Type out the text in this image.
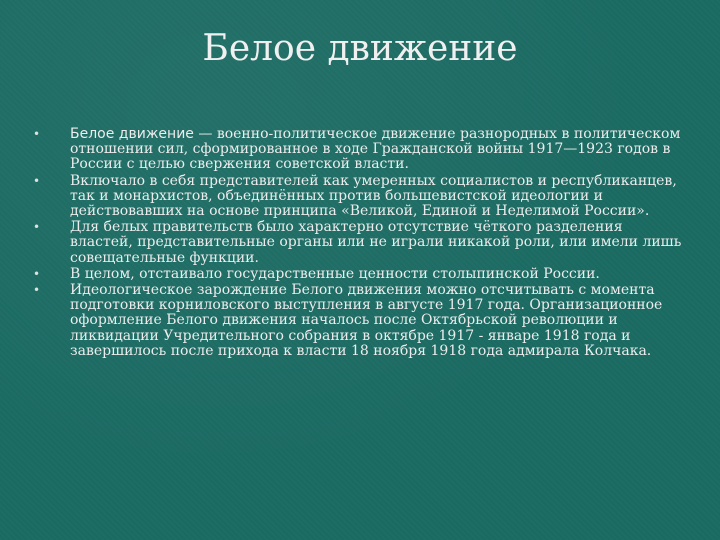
Белое движение
• Белое движение — военно-политическое движение разнородных в политическом отношении сил, сформированное в ходе Гражданской войны 1917—1923 годов в России с целью свержения советской власти.
• Включало в себя представителей как умеренных социалистов и республиканцев, так и монархистов, объединённых против большевистской идеологии и действовавших на основе принципа «Великой, Единой и Неделимой России».
• Для белых правительств было характерно отсутствие чёткого разделения властей, представительные органы или не играли никакой роли, или имели лишь совещательные функции.
• В целом, отстаивало государственные ценности столыпинской России.
• Идеологическое зарождение Белого движения можно отсчитывать с момента подготовки корниловского выступления в августе 1917 года. Организационное оформление Белого движения началось после Октябрьской революции и ликвидации Учредительного собрания в октябре 1917 - январе 1918 года и завершилось после прихода к власти 18 ноября 1918 года адмирала Колчака.
